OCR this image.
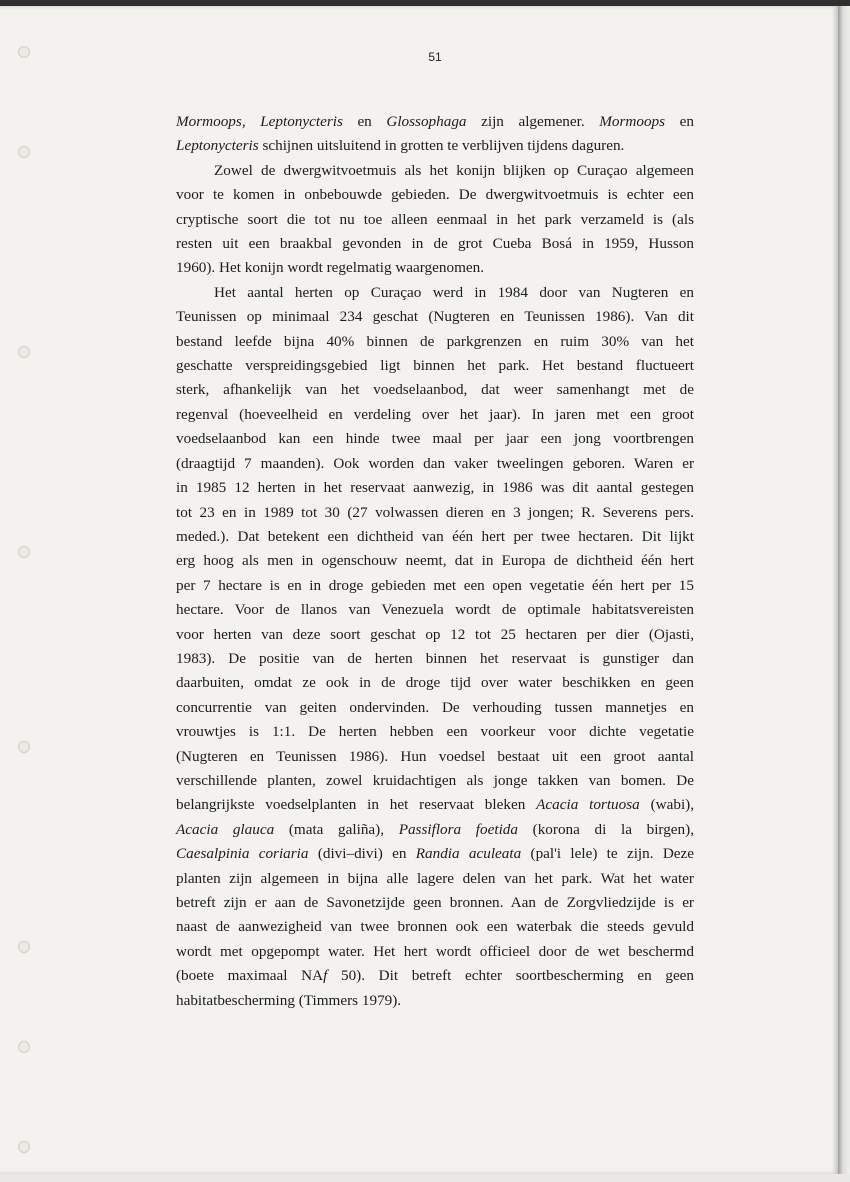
51

Mormoops, Leptonycteris en Glossophaga zijn algemener. Mormoops en
Leptonycteris schijnen uitsluitend in grotten te verblijven tijdens daguren.

Zowel de dwergwitvoetmuis als het konijn blijken op Curaçao algemeen
voor te komen in onbebouwde gebieden. De dwergwitvoetmuis is echter een
cryptische soort die tot nu toe alleen eenmaal in het park verzameld is (als
resten uit een braakbal gevonden in de grot Cueba Bosá in 1959, Husson
1960). Het konijn wordt regelmatig waargenomen.

Het aantal herten op Curaçao werd in 1984 door van Nugteren en
Teunissen op minimaal 234 geschat (Nugteren en Teunissen 1986). Van dit
bestand leefde bijna 40% binnen de parkgrenzen en ruim 30% van het
geschatte verspreidingsgebied ligt binnen het park. Het bestand fluctueert
sterk, afhankelijk van het voedselaanbod, dat weer samenhangt met de
regenval (hoeveelheid en verdeling over het jaar). In jaren met een groot
voedselaanbod kan een hinde twee maal per jaar een jong voortbrengen
(draagtijd 7 maanden). Ook worden dan vaker tweelingen geboren. Waren er
in 1985 12 herten in het reservaat aanwezig, in 1986 was dit aantal gestegen
tot 23 en in 1989 tot 30 (27 volwassen dieren en 3 jongen; R. Severens pers.
meded.). Dat betekent een dichtheid van één hert per twee hectaren. Dit lijkt
erg hoog als men in ogenschouw neemt, dat in Europa de dichtheid één hert
per 7 hectare is en in droge gebieden met een open vegetatie één hert per 15
hectare. Voor de llanos van Venezuela wordt de optimale habitatsvereisten
voor herten van deze soort geschat op 12 tot 25 hectaren per dier (Ojasti,
1983). De positie van de herten binnen het reservaat is gunstiger dan
daarbuiten, omdat ze ook in de droge tijd over water beschikken en geen
concurrentie van geiten ondervinden. De verhouding tussen mannetjes en
vrouwtjes is 1:1. De herten hebben een voorkeur voor dichte vegetatie
(Nugteren en Teunissen 1986). Hun voedsel bestaat uit een groot aantal
verschillende planten, zowel kruidachtigen als jonge takken van bomen. De
belangrijkste voedselplanten in het reservaat bleken Acacia tortuosa (wabi),
Acacia glauca (mata galiña), Passiflora foetida (korona di la birgen),
Caesalpinia coriaria (divi–divi) en Randia aculeata (pal'i lele) te zijn. Deze
planten zijn algemeen in bijna alle lagere delen van het park. Wat het water
betreft zijn er aan de Savonetzijde geen bronnen. Aan de Zorgvliedzijde is er
naast de aanwezigheid van twee bronnen ook een waterbak die steeds gevuld
wordt met opgepompt water. Het hert wordt officieel door de wet beschermd
(boete maximaal NAf 50). Dit betreft echter soortbescherming en geen
habitatbescherming (Timmers 1979).
